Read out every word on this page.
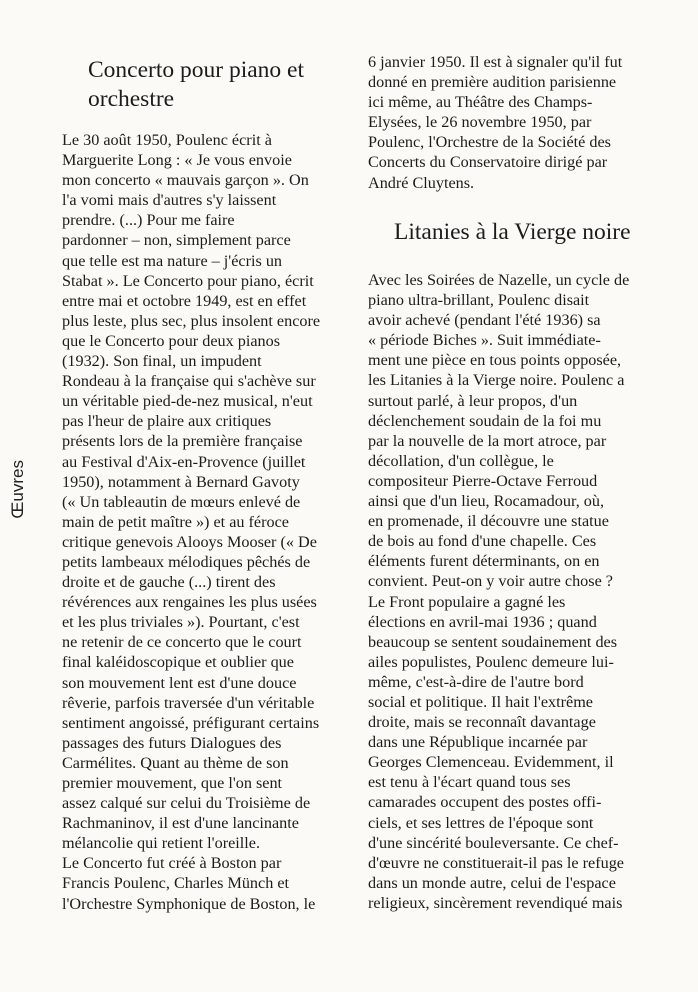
Œuvres
Concerto pour piano et orchestre
Le 30 août 1950, Poulenc écrit à
Marguerite Long : « Je vous envoie
mon concerto « mauvais garçon ». On
l'a vomi mais d'autres s'y laissent
prendre. (...) Pour me faire
pardonner – non, simplement parce
que telle est ma nature – j'écris un
Stabat ». Le Concerto pour piano, écrit
entre mai et octobre 1949, est en effet
plus leste, plus sec, plus insolent encore
que le Concerto pour deux pianos
(1932). Son final, un impudent
Rondeau à la française qui s'achève sur
un véritable pied-de-nez musical, n'eut
pas l'heur de plaire aux critiques
présents lors de la première française
au Festival d'Aix-en-Provence (juillet
1950), notamment à Bernard Gavoty
(« Un tableautin de mœurs enlevé de
main de petit maître ») et au féroce
critique genevois Alooys Mooser (« De
petits lambeaux mélodiques pêchés de
droite et de gauche (...) tirent des
révérences aux rengaines les plus usées
et les plus triviales »). Pourtant, c'est
ne retenir de ce concerto que le court
final kaléidoscopique et oublier que
son mouvement lent est d'une douce
rêverie, parfois traversée d'un véritable
sentiment angoissé, préfigurant certains
passages des futurs Dialogues des
Carmélites. Quant au thème de son
premier mouvement, que l'on sent
assez calqué sur celui du Troisième de
Rachmaninov, il est d'une lancinante
mélancolie qui retient l'oreille.
Le Concerto fut créé à Boston par
Francis Poulenc, Charles Münch et
l'Orchestre Symphonique de Boston, le
6 janvier 1950. Il est à signaler qu'il fut
donné en première audition parisienne
ici même, au Théâtre des Champs-
Elysées, le 26 novembre 1950, par
Poulenc, l'Orchestre de la Société des
Concerts du Conservatoire dirigé par
André Cluytens.
Litanies à la Vierge noire
Avec les Soirées de Nazelle, un cycle de
piano ultra-brillant, Poulenc disait
avoir achevé (pendant l'été 1936) sa
« période Biches ». Suit immédiate-
ment une pièce en tous points opposée,
les Litanies à la Vierge noire. Poulenc a
surtout parlé, à leur propos, d'un
déclenchement soudain de la foi mu
par la nouvelle de la mort atroce, par
décollation, d'un collègue, le
compositeur Pierre-Octave Ferroud
ainsi que d'un lieu, Rocamadour, où,
en promenade, il découvre une statue
de bois au fond d'une chapelle. Ces
éléments furent déterminants, on en
convient. Peut-on y voir autre chose ?
Le Front populaire a gagné les
élections en avril-mai 1936 ; quand
beaucoup se sentent soudainement des
ailes populistes, Poulenc demeure lui-
même, c'est-à-dire de l'autre bord
social et politique. Il hait l'extrême
droite, mais se reconnaît davantage
dans une République incarnée par
Georges Clemenceau. Evidemment, il
est tenu à l'écart quand tous ses
camarades occupent des postes offi-
ciels, et ses lettres de l'époque sont
d'une sincérité bouleversante. Ce chef-
d'œuvre ne constituerait-il pas le refuge
dans un monde autre, celui de l'espace
religieux, sincèrement revendiqué mais
